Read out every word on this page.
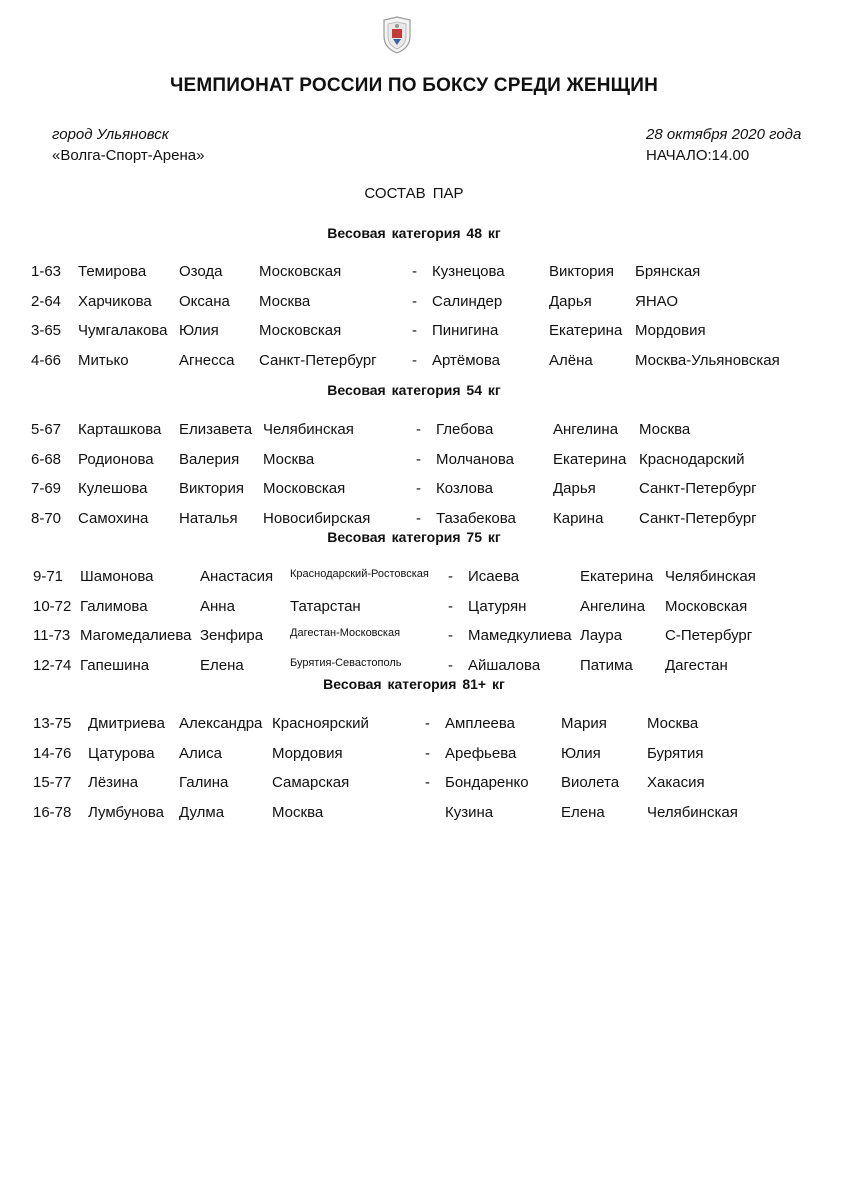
ЧЕМПИОНАТ РОССИИ ПО БОКСУ СРЕДИ ЖЕНЩИН
город Ульяновск
«Волга-Спорт-Арена»
28 октября 2020 года
НАЧАЛО:14.00
СОСТАВ ПАР
Весовая категория 48 кг
1-63 Темирова Озода Московская	- Кузнецова	Виктория Брянская
2-64 Харчикова Оксана Москва	- Салиндер	Дарья	ЯНАО
3-65 Чумгалакова Юлия	Московская	- Пинигина	Екатерина Мордовия
4-66 Митько	Агнесса Санкт-Петербург - Артёмова	Алёна	Москва-Ульяновская
Весовая категория 54 кг
5-67 Карташкова Елизавета Челябинская	- Глебова	Ангелина Москва
6-68 Родионова Валерия Москва	- Молчанова	Екатерина Краснодарский
7-69 Кулешова Виктория Московская	- Козлова	Дарья	Санкт-Петербург
8-70 Самохина Наталья Новосибирская	- Тазабекова Карина Санкт-Петербург
Весовая категория 75 кг
9-71 Шамонова	Анастасия Краснодарский-Ростовская - Исаева	Екатерина Челябинская
10-72 Галимова	Анна	Татарстан	- Цатурян	Ангелина Московская
11-73 Магомедалиева Зенфира Дагестан-Московская	- Мамедкулиева Лаура	С-Петербург
12-74 Гапешина	Елена	Бурятия-Севастополь	- Айшалова	Патима Дагестан
Весовая категория 81+ кг
13-75 Дмитриева Александра Красноярский	- Амплеева	Мария	Москва
14-76 Цатурова Алиса	Мордовия	- Арефьева	Юлия	Бурятия
15-77 Лёзина	Галина	Самарская	- Бондаренко Виолета Хакасия
16-78 Лумбунова Дулма	Москва	Кузина	Елена	Челябинская
